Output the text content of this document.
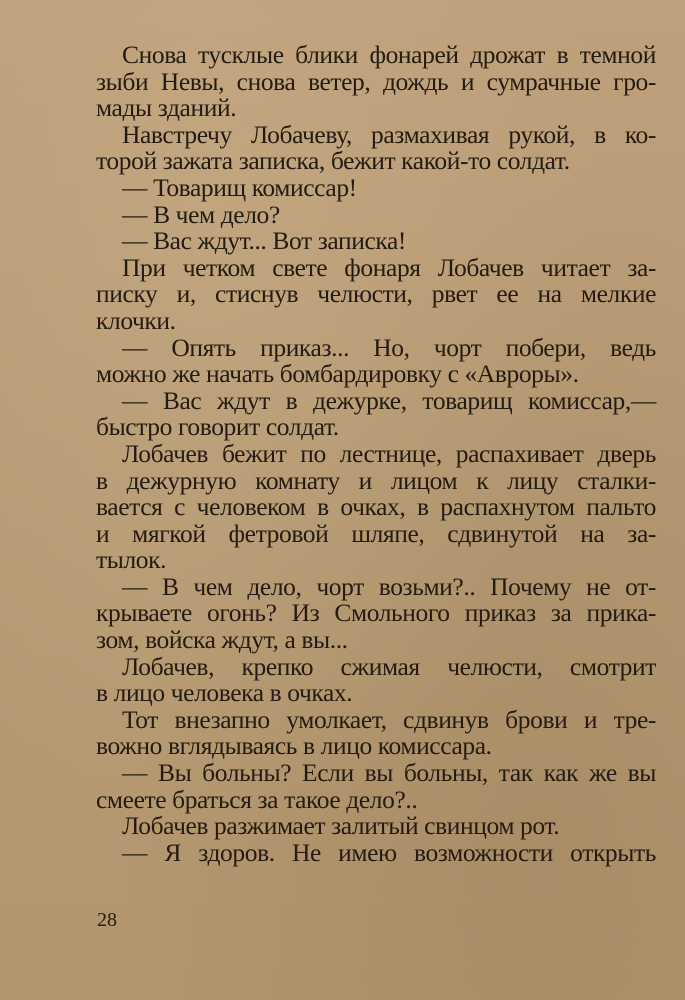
Снова тусклые блики фонарей дрожат в темной
зыби Невы, снова ветер, дождь и сумрачные гро-
мады зданий.
Навстречу Лобачеву, размахивая рукой, в ко-
торой зажата записка, бежит какой-то солдат.
— Товарищ комиссар!
— В чем дело?
— Вас ждут... Вот записка!
При четком свете фонаря Лобачев читает за-
писку и, стиснув челюсти, рвет ее на мелкие
клочки.
— Опять приказ... Но, чорт побери, ведь
можно же начать бомбардировку с «Авроры».
— Вас ждут в дежурке, товарищ комиссар,—
быстро говорит солдат.
Лобачев бежит по лестнице, распахивает дверь
в дежурную комнату и лицом к лицу сталки-
вается с человеком в очках, в распахнутом пальто
и мягкой фетровой шляпе, сдвинутой на за-
тылок.
— В чем дело, чорт возьми?.. Почему не от-
крываете огонь? Из Смольного приказ за прика-
зом, войска ждут, а вы...
Лобачев, крепко сжимая челюсти, смотрит
в лицо человека в очках.
Тот внезапно умолкает, сдвинув брови и тре-
вожно вглядываясь в лицо комиссара.
— Вы больны? Если вы больны, так как же вы
смеете браться за такое дело?..
Лобачев разжимает залитый свинцом рот.
— Я здоров. Не имею возможности открыть
28
